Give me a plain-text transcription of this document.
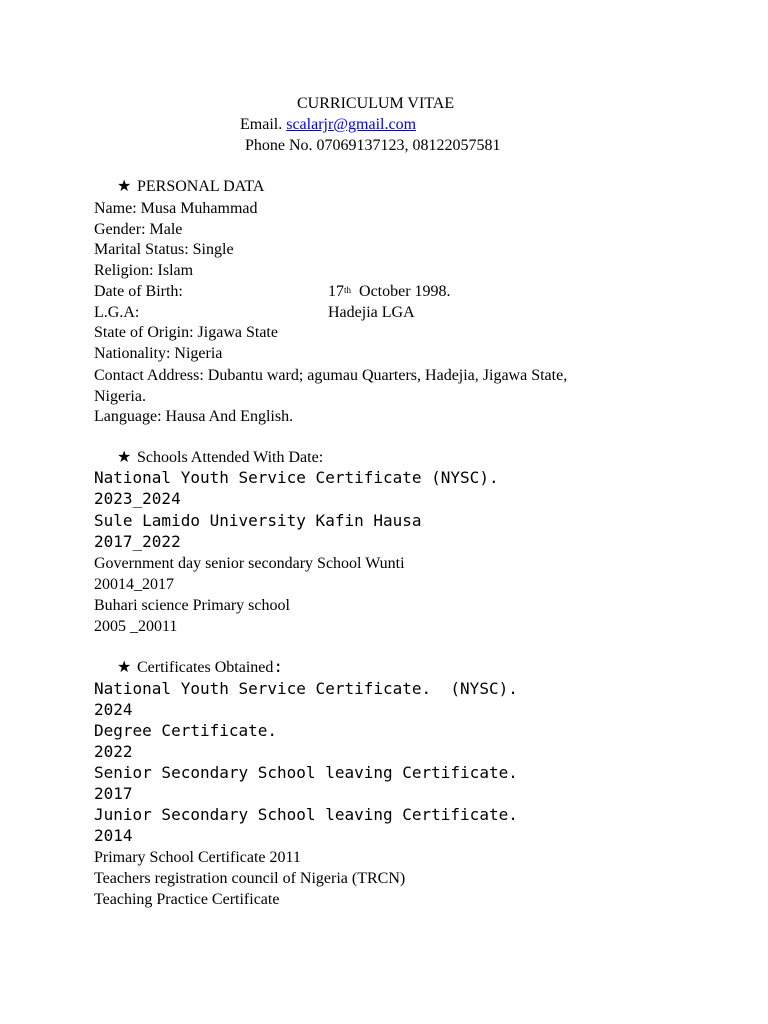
CURRICULUM VITAE
Email. scalarjr@gmail.com
Phone No. 07069137123, 08122057581
★ PERSONAL DATA
Name: Musa Muhammad
Gender: Male
Marital Status: Single
Religion: Islam
Date of Birth:	17th  October 1998.
L.G.A:	Hadejia LGA
State of Origin: Jigawa State
Nationality: Nigeria
Contact Address: Dubantu ward; agumau Quarters, Hadejia, Jigawa State,
Nigeria.
Language: Hausa And English.
★ Schools Attended With Date:
National Youth Service Certificate (NYSC).
2023_2024
Sule Lamido University Kafin Hausa
2017_2022
Government day senior secondary School Wunti
20014_2017
Buhari science Primary school
2005 _20011
★ Certificates Obtained:
National Youth Service Certificate.  (NYSC).
2024
Degree Certificate.
2022
Senior Secondary School leaving Certificate.
2017
Junior Secondary School leaving Certificate.
2014
Primary School Certificate 2011
Teachers registration council of Nigeria (TRCN)
Teaching Practice Certificate
